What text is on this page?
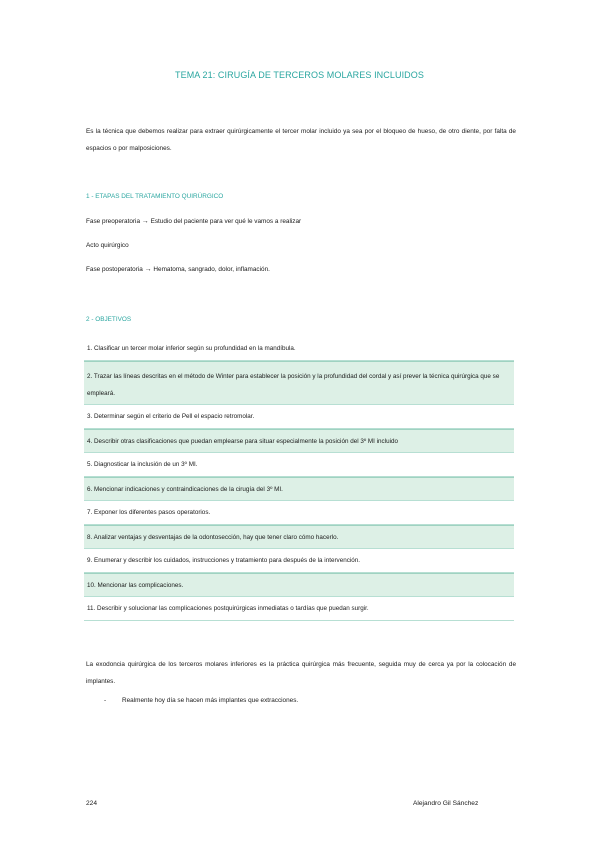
TEMA 21: CIRUGÍA DE TERCEROS MOLARES INCLUIDOS
Es la técnica que debemos realizar para extraer quirúrgicamente el tercer molar incluido ya sea por el bloqueo de hueso, de otro diente, por falta de espacios o por malposiciones.
1 - ETAPAS DEL TRATAMIENTO QUIRÚRGICO
Fase preoperatoria → Estudio del paciente para ver qué le vamos a realizar
Acto quirúrgico
Fase postoperatoria → Hematoma, sangrado, dolor, inflamación.
2 - OBJETIVOS
1. Clasificar un tercer molar inferior según su profundidad en la mandíbula.
2. Trazar las líneas descritas en el método de Winter para establecer la posición y la profundidad del cordal y así prever la técnica quirúrgica que se empleará.
3. Determinar según el criterio de Pell el espacio retromolar.
4. Describir otras clasificaciones que puedan emplearse para situar especialmente la posición del 3º MI incluido
5. Diagnosticar la inclusión de un 3º MI.
6. Mencionar indicaciones y contraindicaciones de la cirugía del 3º MI.
7. Exponer los diferentes pasos operatorios.
8. Analizar ventajas y desventajas de la odontosección, hay que tener claro cómo hacerlo.
9. Enumerar y describir los cuidados, instrucciones y tratamiento para después de la intervención.
10. Mencionar las complicaciones.
11. Describir y solucionar las complicaciones postquirúrgicas inmediatas o tardías que puedan surgir.
La exodoncia quirúrgica de los terceros molares inferiores es la práctica quirúrgica más frecuente, seguida muy de cerca ya por la colocación de implantes.
-	Realmente hoy día se hacen más implantes que extracciones.
224	Alejandro Gil Sánchez
